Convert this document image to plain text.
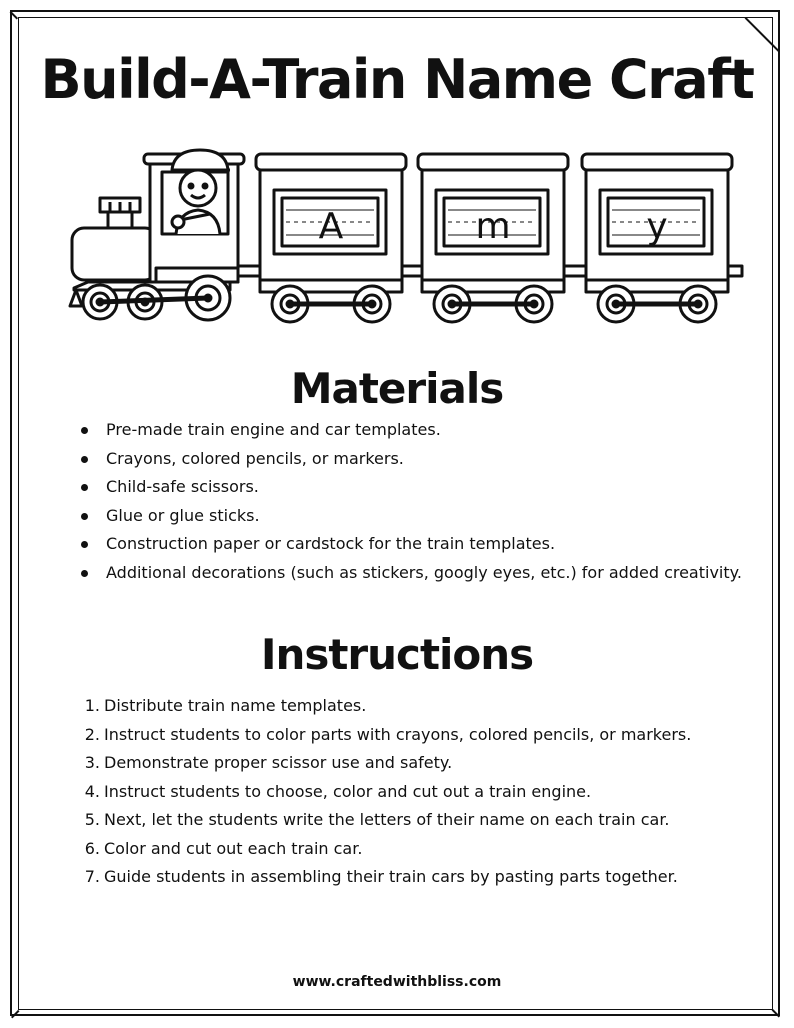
Build-A-Train Name Craft
A	m	y
Materials
Pre-made train engine and car templates.
Crayons, colored pencils, or markers.
Child-safe scissors.
Glue or glue sticks.
Construction paper or cardstock for the train templates.
Additional decorations (such as stickers, googly eyes, etc.) for added creativity.
Instructions
1. Distribute train name templates.
2. Instruct students to color parts with crayons, colored pencils, or markers.
3. Demonstrate proper scissor use and safety.
4. Instruct students to choose, color and cut out a train engine.
5. Next, let the students write the letters of their name on each train car.
6. Color and cut out each train car.
7. Guide students in assembling their train cars by pasting parts together.
www.craftedwithbliss.com
